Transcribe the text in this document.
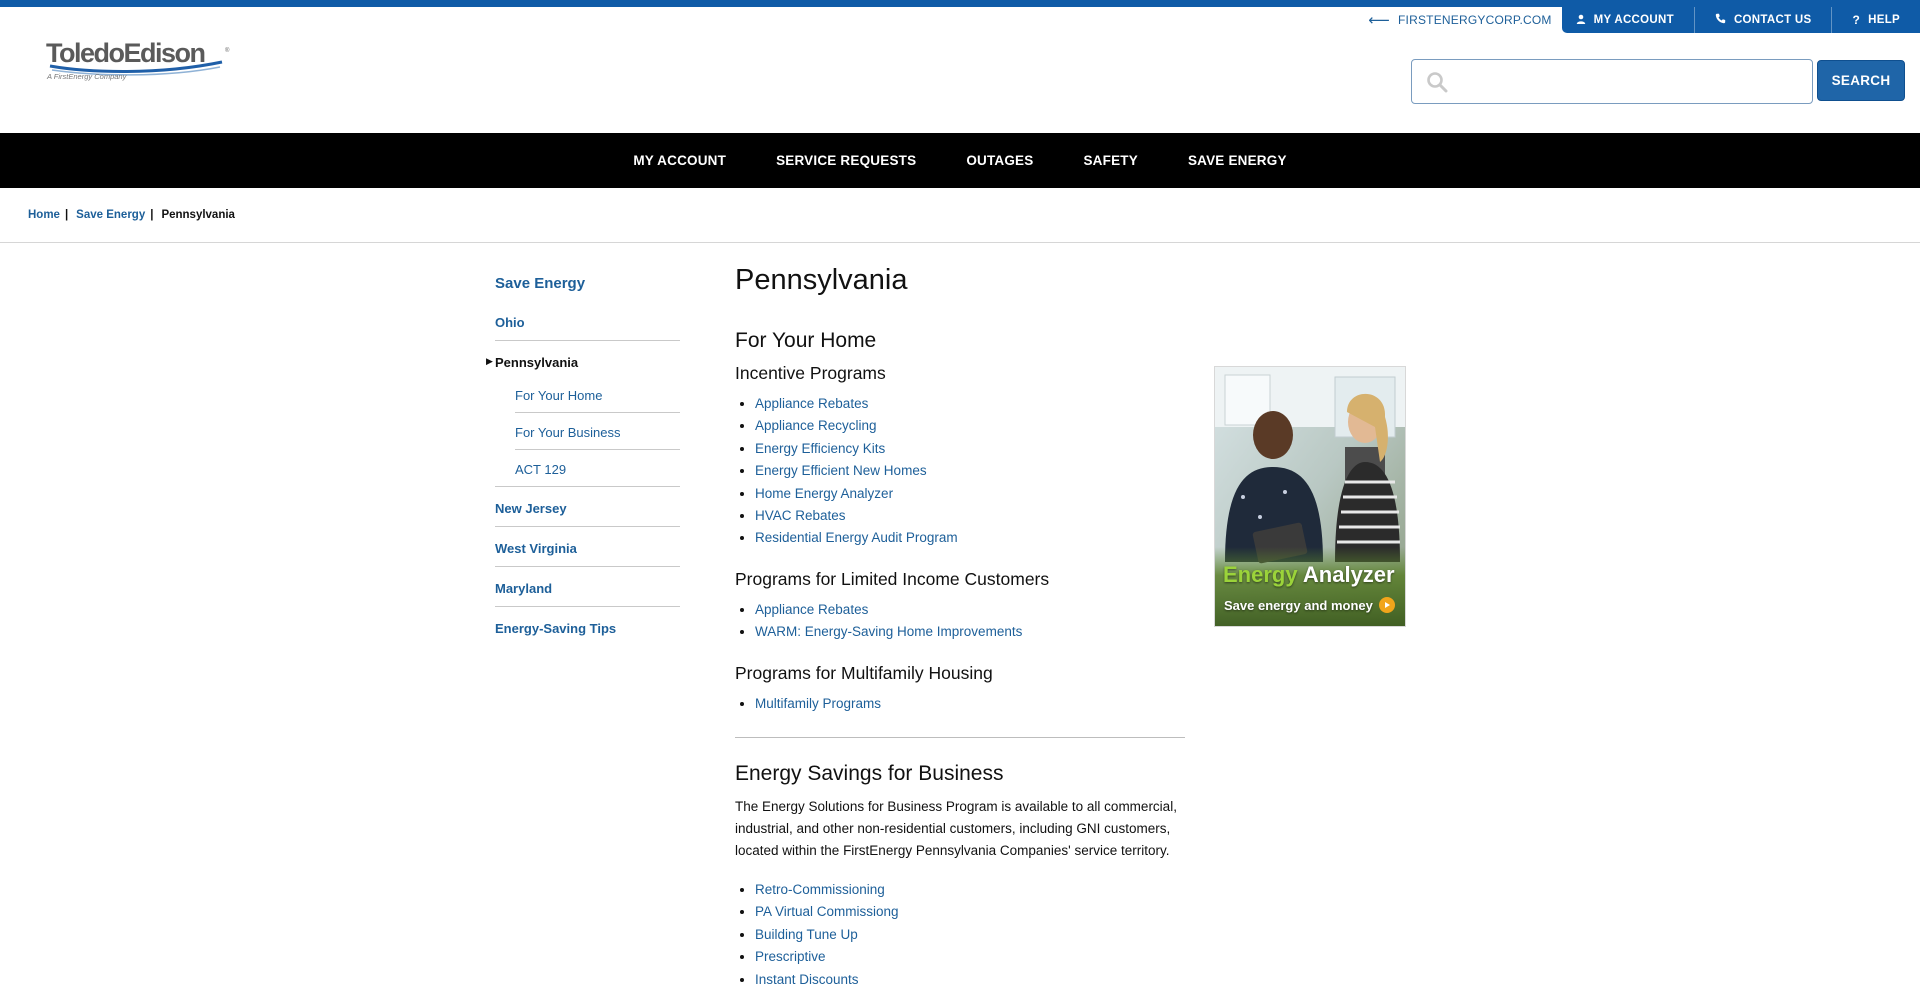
⟵ FIRSTENERGYCORP.COM	MY ACCOUNT	CONTACT US	? HELP
ToledoEdison	®
A FirstEnergy Company	SEARCH
MY ACCOUNT	SERVICE REQUESTS	OUTAGES	SAFETY	SAVE ENERGY
Home | Save Energy | Pennsylvania
Save Energy
Ohio
▶ Pennsylvania
For Your Home
For Your Business
ACT 129
New Jersey
West Virginia
Maryland
Energy-Saving Tips
Pennsylvania
For Your Home
Incentive Programs
• Appliance Rebates
• Appliance Recycling
• Energy Efficiency Kits
• Energy Efficient New Homes
• Home Energy Analyzer
• HVAC Rebates
• Residential Energy Audit Program
Programs for Limited Income Customers
• Appliance Rebates
• WARM: Energy-Saving Home Improvements
Programs for Multifamily Housing
• Multifamily Programs
Energy Savings for Business

The Energy Solutions for Business Program is available to all commercial, industrial, and other non-residential customers, including GNI customers, located within the FirstEnergy Pennsylvania Companies' service territory.

• Retro-Commissioning
• PA Virtual Commissiong
• Building Tune Up
• Prescriptive
• Instant Discounts
Energy Analyzer
Save energy and money
